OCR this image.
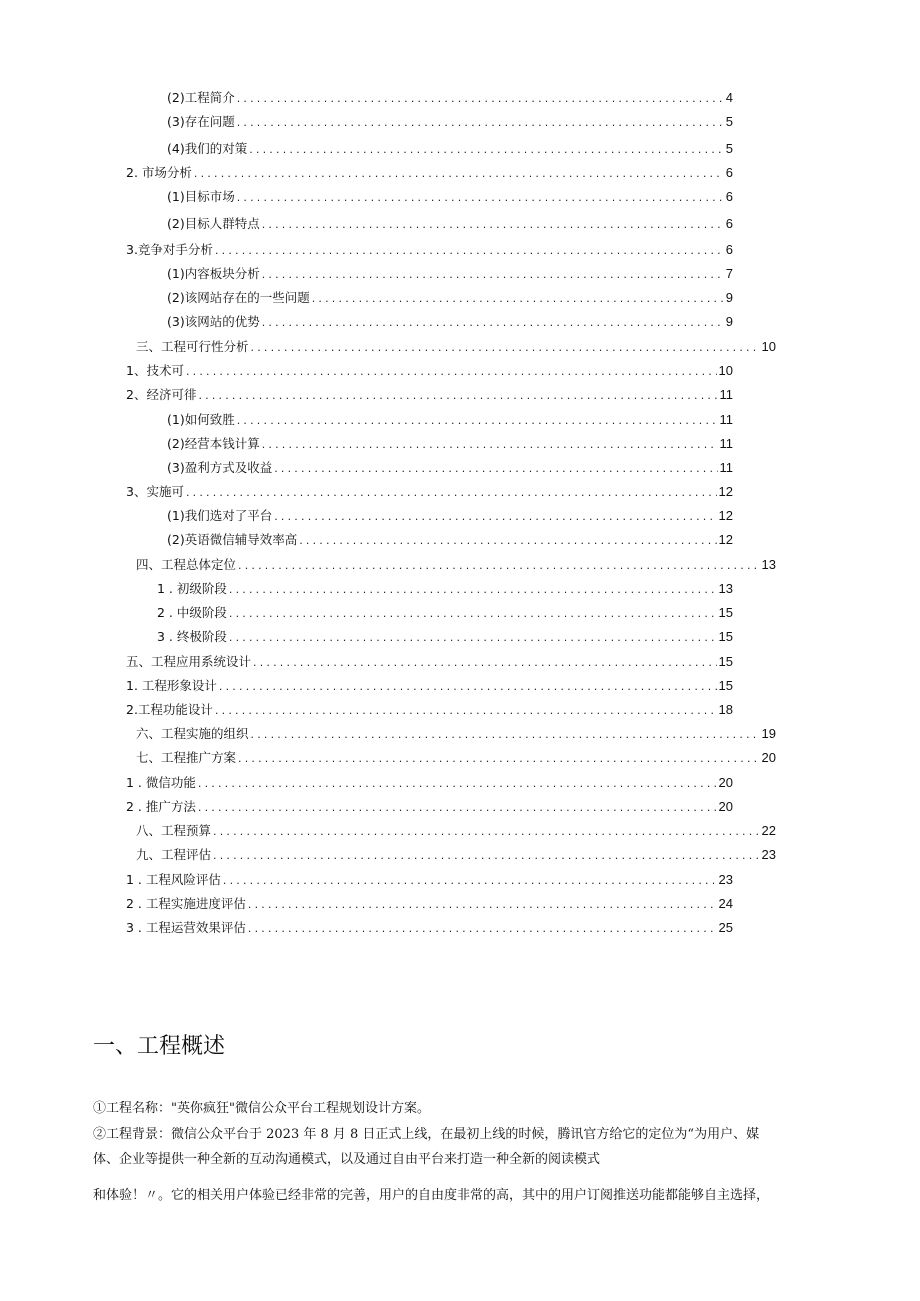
(2)工程简介 .....	4
(3)存在问题 .....	5
(4)我们的对策 .....	5
2. 市场分析 .....	6
(1)目标市场 .....	6
(2)目标人群特点 .....	6
3.竞争对手分析 .....	6
(1)内容板块分析 .....	7
(2)该网站存在的一些问题 .....	9
(3)该网站的优势 .....	9
三、工程可行性分析 .....	10
1、技术可 .....	10
2、经济可徘 .....	11
(1)如何致胜 .....	11
(2)经营本钱计算 .....	11
(3)盈利方式及收益 .....	11
3、实施可 .....	12
(1)我们选对了平台 .....	12
(2)英语微信辅导效率高 .....	12
四、工程总体定位 .....	13
1 . 初级阶段 .....	13
2 . 中级阶段 .....	15
3 . 终极阶段 .....	15
五、工程应用系统设计 .....	15
1. 工程形象设计 .....	15
2.工程功能设计 .....	18
六、工程实施的组织 .....	19
七、工程推广方案 .....	20
1 . 微信功能 .....	20
2 . 推广方法 .....	20
八、工程预算 .....	22
九、工程评估 .....	23
1 . 工程风险评估 .....	23
2 . 工程实施进度评估 .....	24
3 . 工程运营效果评估 .....	25
一、工程概述

①工程名称："英你疯狂"微信公众平台工程规划设计方案。

②工程背景：微信公众平台于 2023 年 8 月 8 日正式上线，在最初上线的时候，腾讯官方给它的定位为“为用户、媒

体、企业等提供一种全新的互动沟通模式，以及通过自由平台来打造一种全新的阅读模式

和体验！〃。它的相关用户体验已经非常的完善，用户的自由度非常的高，其中的用户订阅推送功能都能够自主选择，
